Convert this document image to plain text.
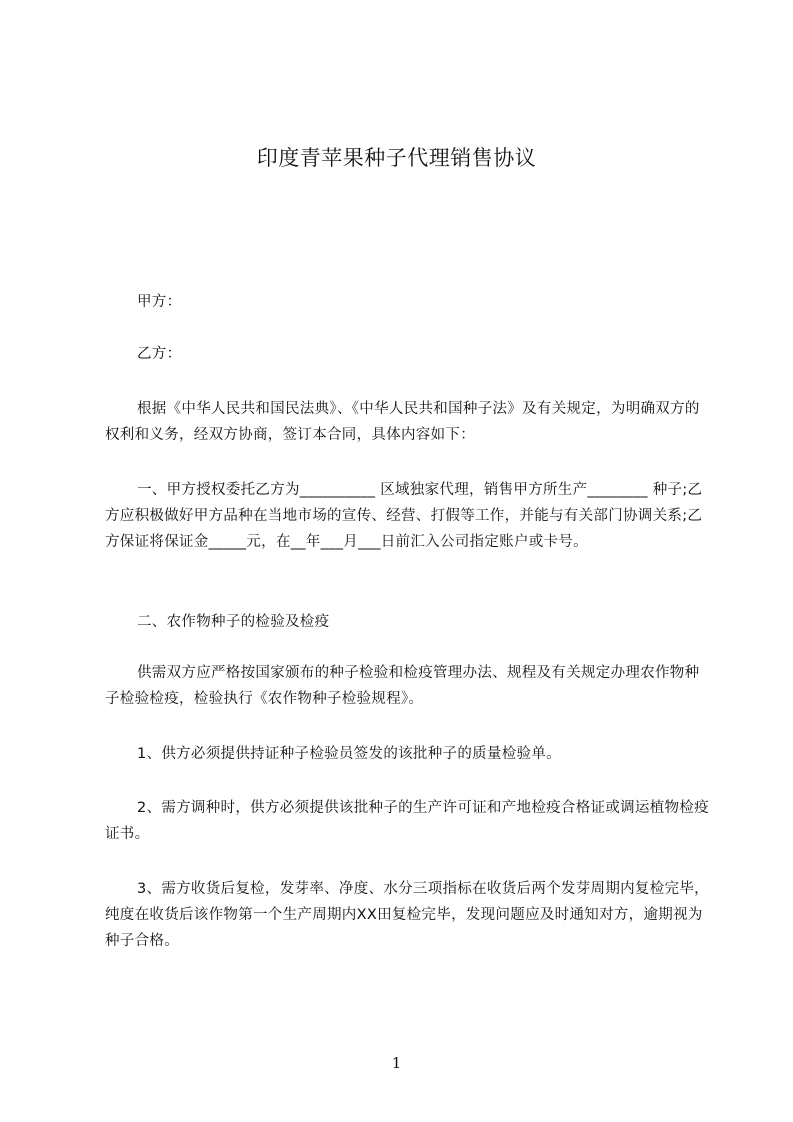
印度青苹果种子代理销售协议
甲方：
乙方：
根据《中华人民共和国民法典》、《中华人民共和国种子法》及有关规定，为明确双方的权利和义务，经双方协商，签订本合同，具体内容如下：
一、甲方授权委托乙方为__________ 区域独家代理，销售甲方所生产________ 种子;乙方应积极做好甲方品种在当地市场的宣传、经营、打假等工作，并能与有关部门协调关系;乙方保证将保证金_____元，在__年___月___日前汇入公司指定账户或卡号。
二、农作物种子的检验及检疫
供需双方应严格按国家颁布的种子检验和检疫管理办法、规程及有关规定办理农作物种子检验检疫，检验执行《农作物种子检验规程》。
1、供方必须提供持证种子检验员签发的该批种子的质量检验单。
2、需方调种时，供方必须提供该批种子的生产许可证和产地检疫合格证或调运植物检疫证书。
3、需方收货后复检，发芽率、净度、水分三项指标在收货后两个发芽周期内复检完毕，纯度在收货后该作物第一个生产周期内XX田复检完毕，发现问题应及时通知对方，逾期视为种子合格。
1
